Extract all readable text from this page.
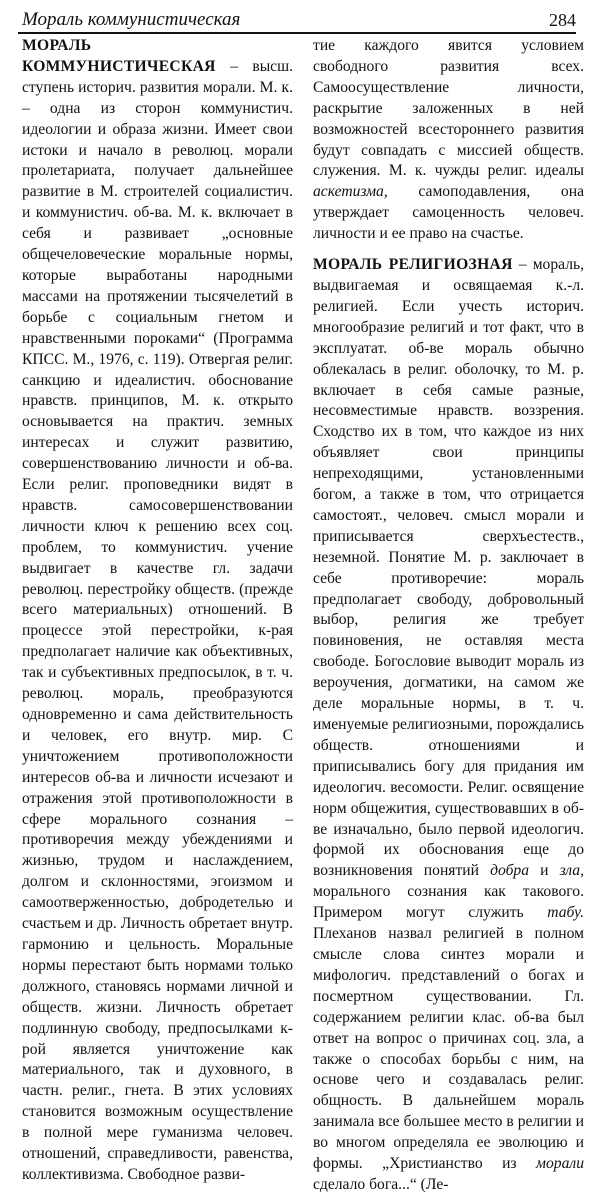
Мораль коммунистическая	284

МОРАЛЬ КОММУНИСТИЧЕСКАЯ – высш. ступень историч. развития морали. М. к. – одна из сторон коммунистич. идеологии и образа жизни. Имеет свои истоки и начало в революц. морали пролетариата, получает дальнейшее развитие в М. строителей социалистич. и коммунистич. об-ва. М. к. включает в себя и развивает „основные общечеловеческие моральные нормы, которые выработаны народными массами на протяжении тысячелетий в борьбе с социальным гнетом и нравственными пороками“ (Программа КПСС. М., 1976, с. 119). Отвергая религ. санкцию и идеалистич. обоснование нравств. принципов, М. к. открыто основывается на практич. земных интересах и служит развитию, совершенствованию личности и об-ва. Если религ. проповедники видят в нравств. самосовершенствовании личности ключ к решению всех соц. проблем, то коммунистич. учение выдвигает в качестве гл. задачи революц. перестройку обществ. (прежде всего материальных) отношений. В процессе этой перестройки, к-рая предполагает наличие как объективных, так и субъективных предпосылок, в т. ч. революц. мораль, преобразуются одновременно и сама действительность и человек, его внутр. мир. С уничтожением противоположности интересов об-ва и личности исчезают и отражения этой противоположности в сфере морального сознания – противоречия между убеждениями и жизнью, трудом и наслаждением, долгом и склонностями, эгоизмом и самоотверженностью, добродетелью и счастьем и др. Личность обретает внутр. гармонию и цельность. Моральные нормы перестают быть нормами только должного, становясь нормами личной и обществ. жизни. Личность обретает подлинную свободу, предпосылками к-рой является уничтожение как материального, так и духовного, в частн. религ., гнета. В этих условиях становится возможным осуществление в полной мере гуманизма человеч. отношений, справедливости, равенства, коллективизма. Свободное разви-

тие каждого явится условием свободного развития всех. Самоосуществление личности, раскрытие заложенных в ней возможностей всестороннего развития будут совпадать с миссией обществ. служения. М. к. чужды религ. идеалы аскетизма, самоподавления, она утверждает самоценность человеч. личности и ее право на счастье.

МОРАЛЬ РЕЛИГИОЗНАЯ – мораль, выдвигаемая и освящаемая к.-л. религией. Если учесть историч. многообразие религий и тот факт, что в эксплуатат. об-ве мораль обычно облекалась в религ. оболочку, то М. р. включает в себя самые разные, несовместимые нравств. воззрения. Сходство их в том, что каждое из них объявляет свои принципы непреходящими, установленными богом, а также в том, что отрицается самостоят., человеч. смысл морали и приписывается сверхъестеств., неземной. Понятие М. р. заключает в себе противоречие: мораль предполагает свободу, добровольный выбор, религия же требует повиновения, не оставляя места свободе. Богословие выводит мораль из вероучения, догматики, на самом же деле моральные нормы, в т. ч. именуемые религиозными, порождались обществ. отношениями и приписывались богу для придания им идеологич. весомости. Религ. освящение норм общежития, существовавших в об-ве изначально, было первой идеологич. формой их обоснования еще до возникновения понятий добра и зла, морального сознания как такового. Примером могут служить табу. Плеханов назвал религией в полном смысле слова синтез морали и мифологич. представлений о богах и посмертном существовании. Гл. содержанием религии клас. об-ва был ответ на вопрос о причинах соц. зла, а также о способах борьбы с ним, на основе чего и создавалась религ. общность. В дальнейшем мораль занимала все большее место в религии и во многом определяла ее эволюцию и формы. „Христианство из морали сделало бога...“ (Ле-
